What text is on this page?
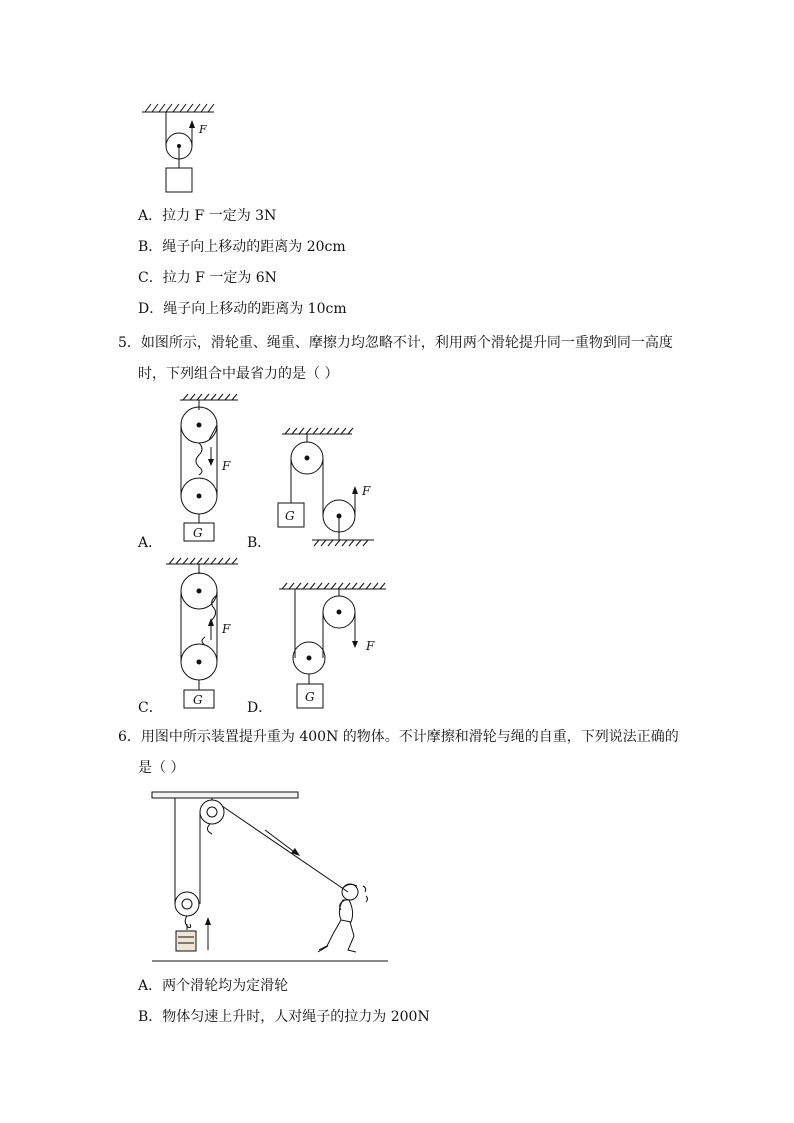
F
A．拉力 F 一定为 3N
B．绳子向上移动的距离为 20cm
C．拉力 F 一定为 6N
D．绳子向上移动的距离为 10cm
5．如图所示，滑轮重、绳重、摩擦力均忽略不计，利用两个滑轮提升同一重物到同一高度
时，下列组合中最省力的是（ ）
F
F
F
F
G
G
G	G
A．	B．
C．	D．
6．用图中所示装置提升重为 400N 的物体。不计摩擦和滑轮与绳的自重，下列说法正确的
是（ ）
A．两个滑轮均为定滑轮
B．物体匀速上升时，人对绳子的拉力为 200N
